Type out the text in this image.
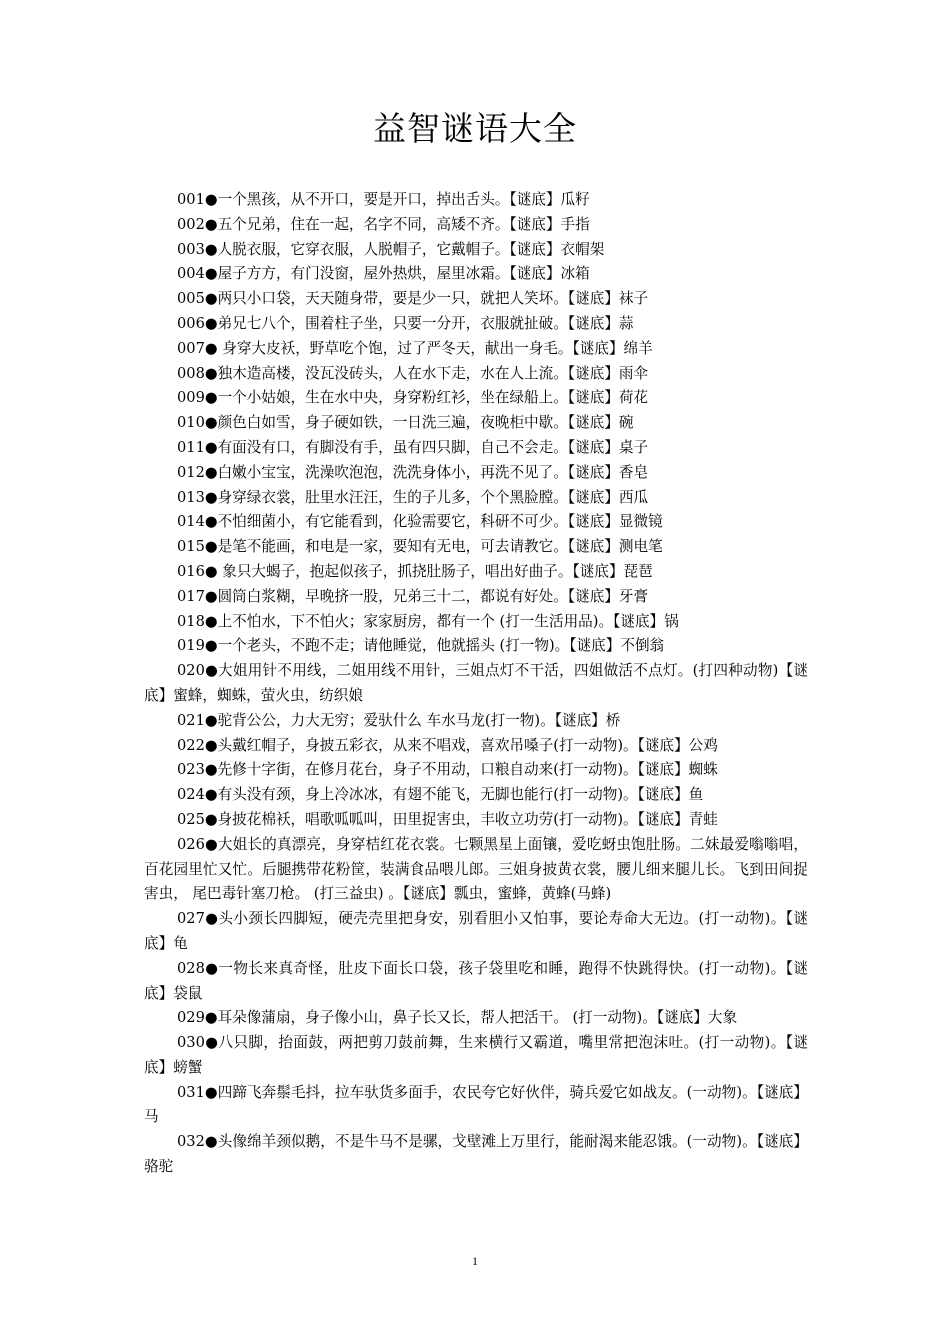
益智谜语大全

001●一个黑孩，从不开口，要是开口，掉出舌头。【谜底】瓜籽

002●五个兄弟，住在一起，名字不同，高矮不齐。【谜底】手指

003●人脱衣服，它穿衣服，人脱帽子，它戴帽子。【谜底】衣帽架

004●屋子方方，有门没窗，屋外热烘，屋里冰霜。【谜底】冰箱

005●两只小口袋，天天随身带，要是少一只，就把人笑坏。【谜底】袜子

006●弟兄七八个，围着柱子坐，只要一分开，衣服就扯破。【谜底】蒜

007● 身穿大皮袄，野草吃个饱，过了严冬天，献出一身毛。【谜底】绵羊

008●独木造高楼，没瓦没砖头，人在水下走，水在人上流。【谜底】雨伞

009●一个小姑娘，生在水中央，身穿粉红衫，坐在绿船上。【谜底】荷花

010●颜色白如雪，身子硬如铁，一日洗三遍，夜晚柜中歇。【谜底】碗

011●有面没有口，有脚没有手，虽有四只脚，自己不会走。【谜底】桌子

012●白嫩小宝宝，洗澡吹泡泡，洗洗身体小，再洗不见了。【谜底】香皂

013●身穿绿衣裳，肚里水汪汪，生的子儿多，个个黑脸膛。【谜底】西瓜

014●不怕细菌小，有它能看到，化验需要它，科研不可少。【谜底】显微镜

015●是笔不能画，和电是一家，要知有无电，可去请教它。【谜底】测电笔

016● 象只大蝎子，抱起似孩子，抓挠肚肠子，唱出好曲子。【谜底】琵琶

017●圆筒白浆糊，早晚挤一股，兄弟三十二，都说有好处。【谜底】牙膏

018●上不怕水，下不怕火；家家厨房，都有一个 (打一生活用品)。【谜底】锅

019●一个老头，不跑不走；请他睡觉，他就摇头 (打一物)。【谜底】不倒翁

020●大姐用针不用线，二姐用线不用针，三姐点灯不干活，四姐做活不点灯。(打四种动物)【谜底】蜜蜂，蜘蛛，萤火虫，纺织娘

021●驼背公公，力大无穷；爱驮什么 车水马龙(打一物)。【谜底】桥

022●头戴红帽子，身披五彩衣，从来不唱戏，喜欢吊嗓子(打一动物)。【谜底】公鸡

023●先修十字街，在修月花台，身子不用动，口粮自动来(打一动物)。【谜底】蜘蛛

024●有头没有颈，身上冷冰冰，有翅不能飞，无脚也能行(打一动物)。【谜底】鱼

025●身披花棉袄，唱歌呱呱叫，田里捉害虫，丰收立功劳(打一动物)。【谜底】青蛙

026●大姐长的真漂亮，身穿桔红花衣裳。七颗黑星上面镶，爱吃蚜虫饱肚肠。二妹最爱嗡嗡唱， 百花园里忙又忙。后腿携带花粉筐，装满食品喂儿郎。三姐身披黄衣裳，腰儿细来腿儿长。飞到田间捉害虫， 尾巴毒针塞刀枪。 (打三益虫) 。【谜底】瓢虫，蜜蜂，黄蜂(马蜂)

027●头小颈长四脚短，硬壳壳里把身安，别看胆小又怕事，要论寿命大无边。(打一动物)。【谜底】龟

028●一物长来真奇怪，肚皮下面长口袋，孩子袋里吃和睡，跑得不快跳得快。(打一动物)。【谜底】袋鼠

029●耳朵像蒲扇，身子像小山，鼻子长又长，帮人把活干。 (打一动物)。【谜底】大象

030●八只脚，抬面鼓，两把剪刀鼓前舞，生来横行又霸道，嘴里常把泡沫吐。(打一动物)。【谜底】螃蟹

031●四蹄飞奔鬃毛抖，拉车驮货多面手，农民夸它好伙伴，骑兵爱它如战友。(一动物)。【谜底】马

032●头像绵羊颈似鹅，不是牛马不是骡，戈壁滩上万里行，能耐渴来能忍饿。(一动物)。【谜底】骆驼

1
